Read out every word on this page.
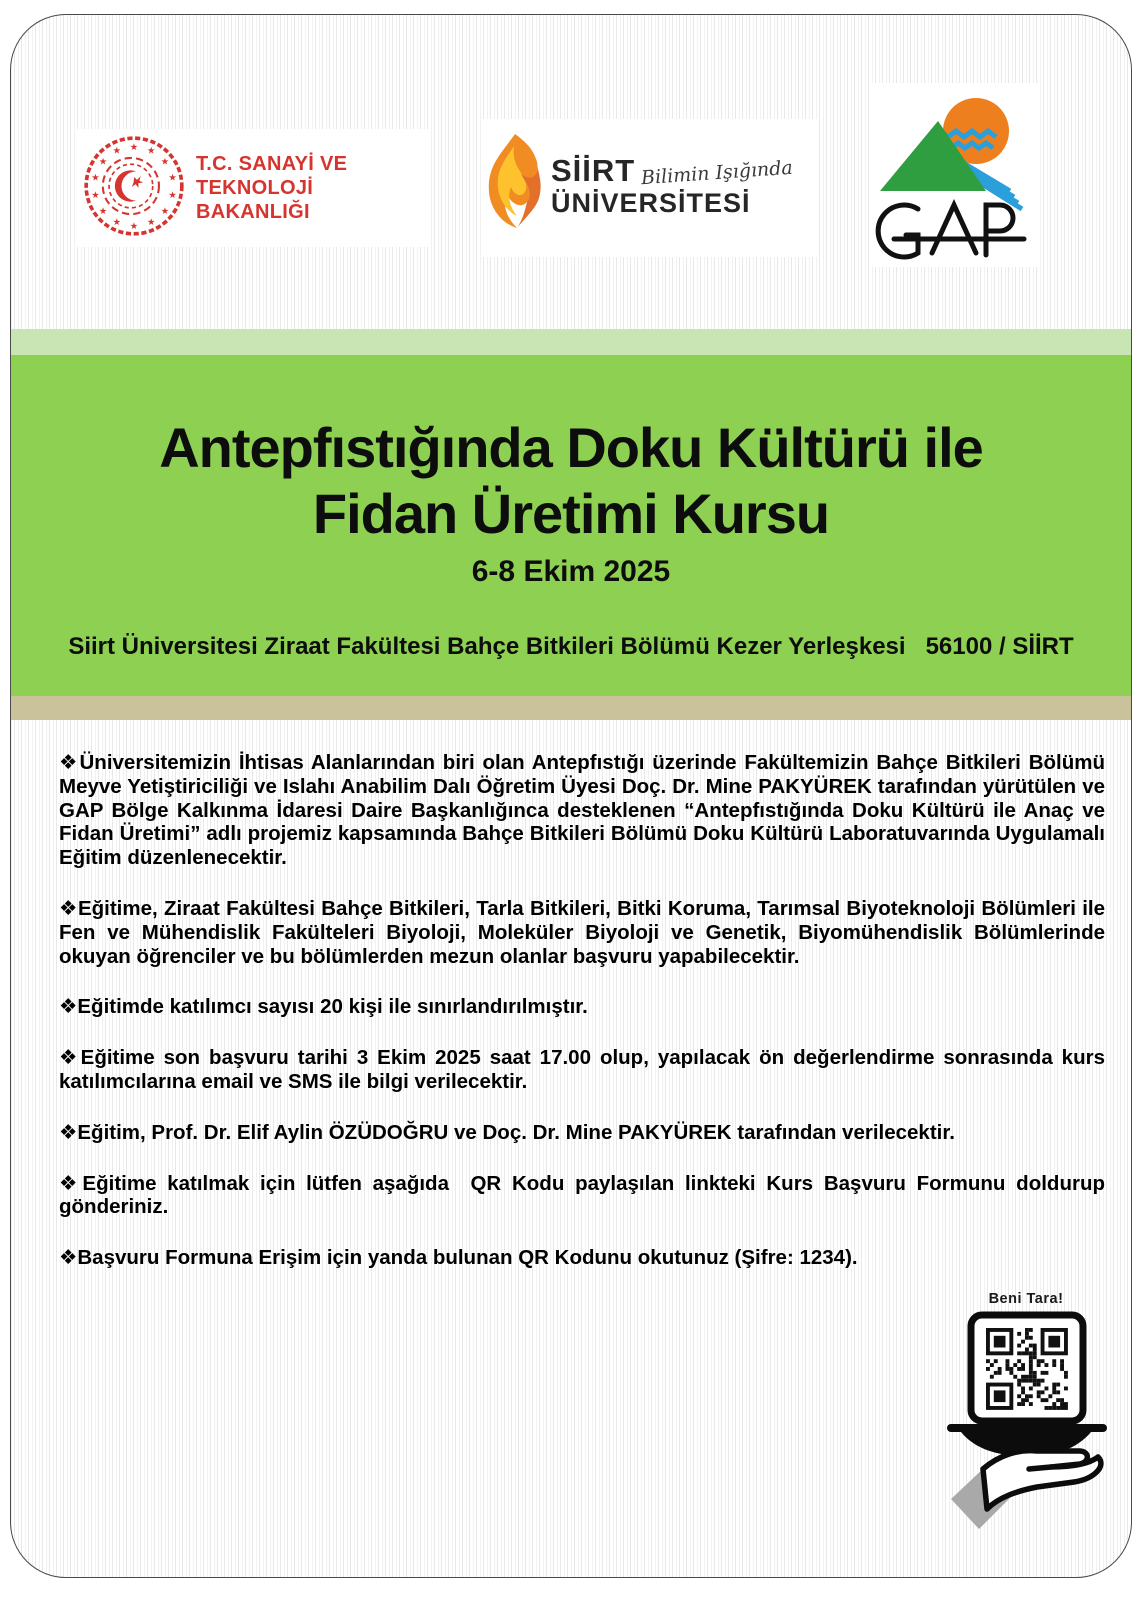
★ ★
★
★
★
★
★
★
★
★
★
★
★
★
T.C. SANAYİ VE
TEKNOLOJİ BAKANLIĞI
SİİRT Bilimin Işığında
ÜNİVERSİTESİ
Antepfıstığında Doku Kültürü ile
Fidan Üretimi Kursu
6-8 Ekim 2025
Siirt Üniversitesi Ziraat Fakültesi Bahçe Bitkileri Bölümü Kezer Yerleşkesi   56100 / SİİRT

❖Üniversitemizin İhtisas Alanlarından biri olan Antepfıstığı üzerinde Fakültemizin Bahçe Bitkileri Bölümü Meyve Yetiştiriciliği ve Islahı Anabilim Dalı Öğretim Üyesi Doç. Dr. Mine PAKYÜREK tarafından yürütülen ve GAP Bölge Kalkınma İdaresi Daire Başkanlığınca desteklenen “Antepfıstığında Doku Kültürü ile Anaç ve Fidan Üretimi” adlı projemiz kapsamında Bahçe Bitkileri Bölümü Doku Kültürü Laboratuvarında Uygulamalı Eğitim düzenlenecektir.

❖Eğitime, Ziraat Fakültesi Bahçe Bitkileri, Tarla Bitkileri, Bitki Koruma, Tarımsal Biyoteknoloji Bölümleri ile Fen ve Mühendislik Fakülteleri Biyoloji, Moleküler Biyoloji ve Genetik, Biyomühendislik Bölümlerinde okuyan öğrenciler ve bu bölümlerden mezun olanlar başvuru yapabilecektir.

❖Eğitimde katılımcı sayısı 20 kişi ile sınırlandırılmıştır.

❖Eğitime son başvuru tarihi 3 Ekim 2025 saat 17.00 olup, yapılacak ön değerlendirme sonrasında kurs katılımcılarına email ve SMS ile bilgi verilecektir.

❖Eğitim, Prof. Dr. Elif Aylin ÖZÜDOĞRU ve Doç. Dr. Mine PAKYÜREK tarafından verilecektir.

❖Eğitime katılmak için lütfen aşağıda  QR Kodu paylaşılan linkteki Kurs Başvuru Formunu doldurup gönderiniz.

❖Başvuru Formuna Erişim için yanda bulunan QR Kodunu okutunuz (Şifre: 1234).

Beni Tara!
